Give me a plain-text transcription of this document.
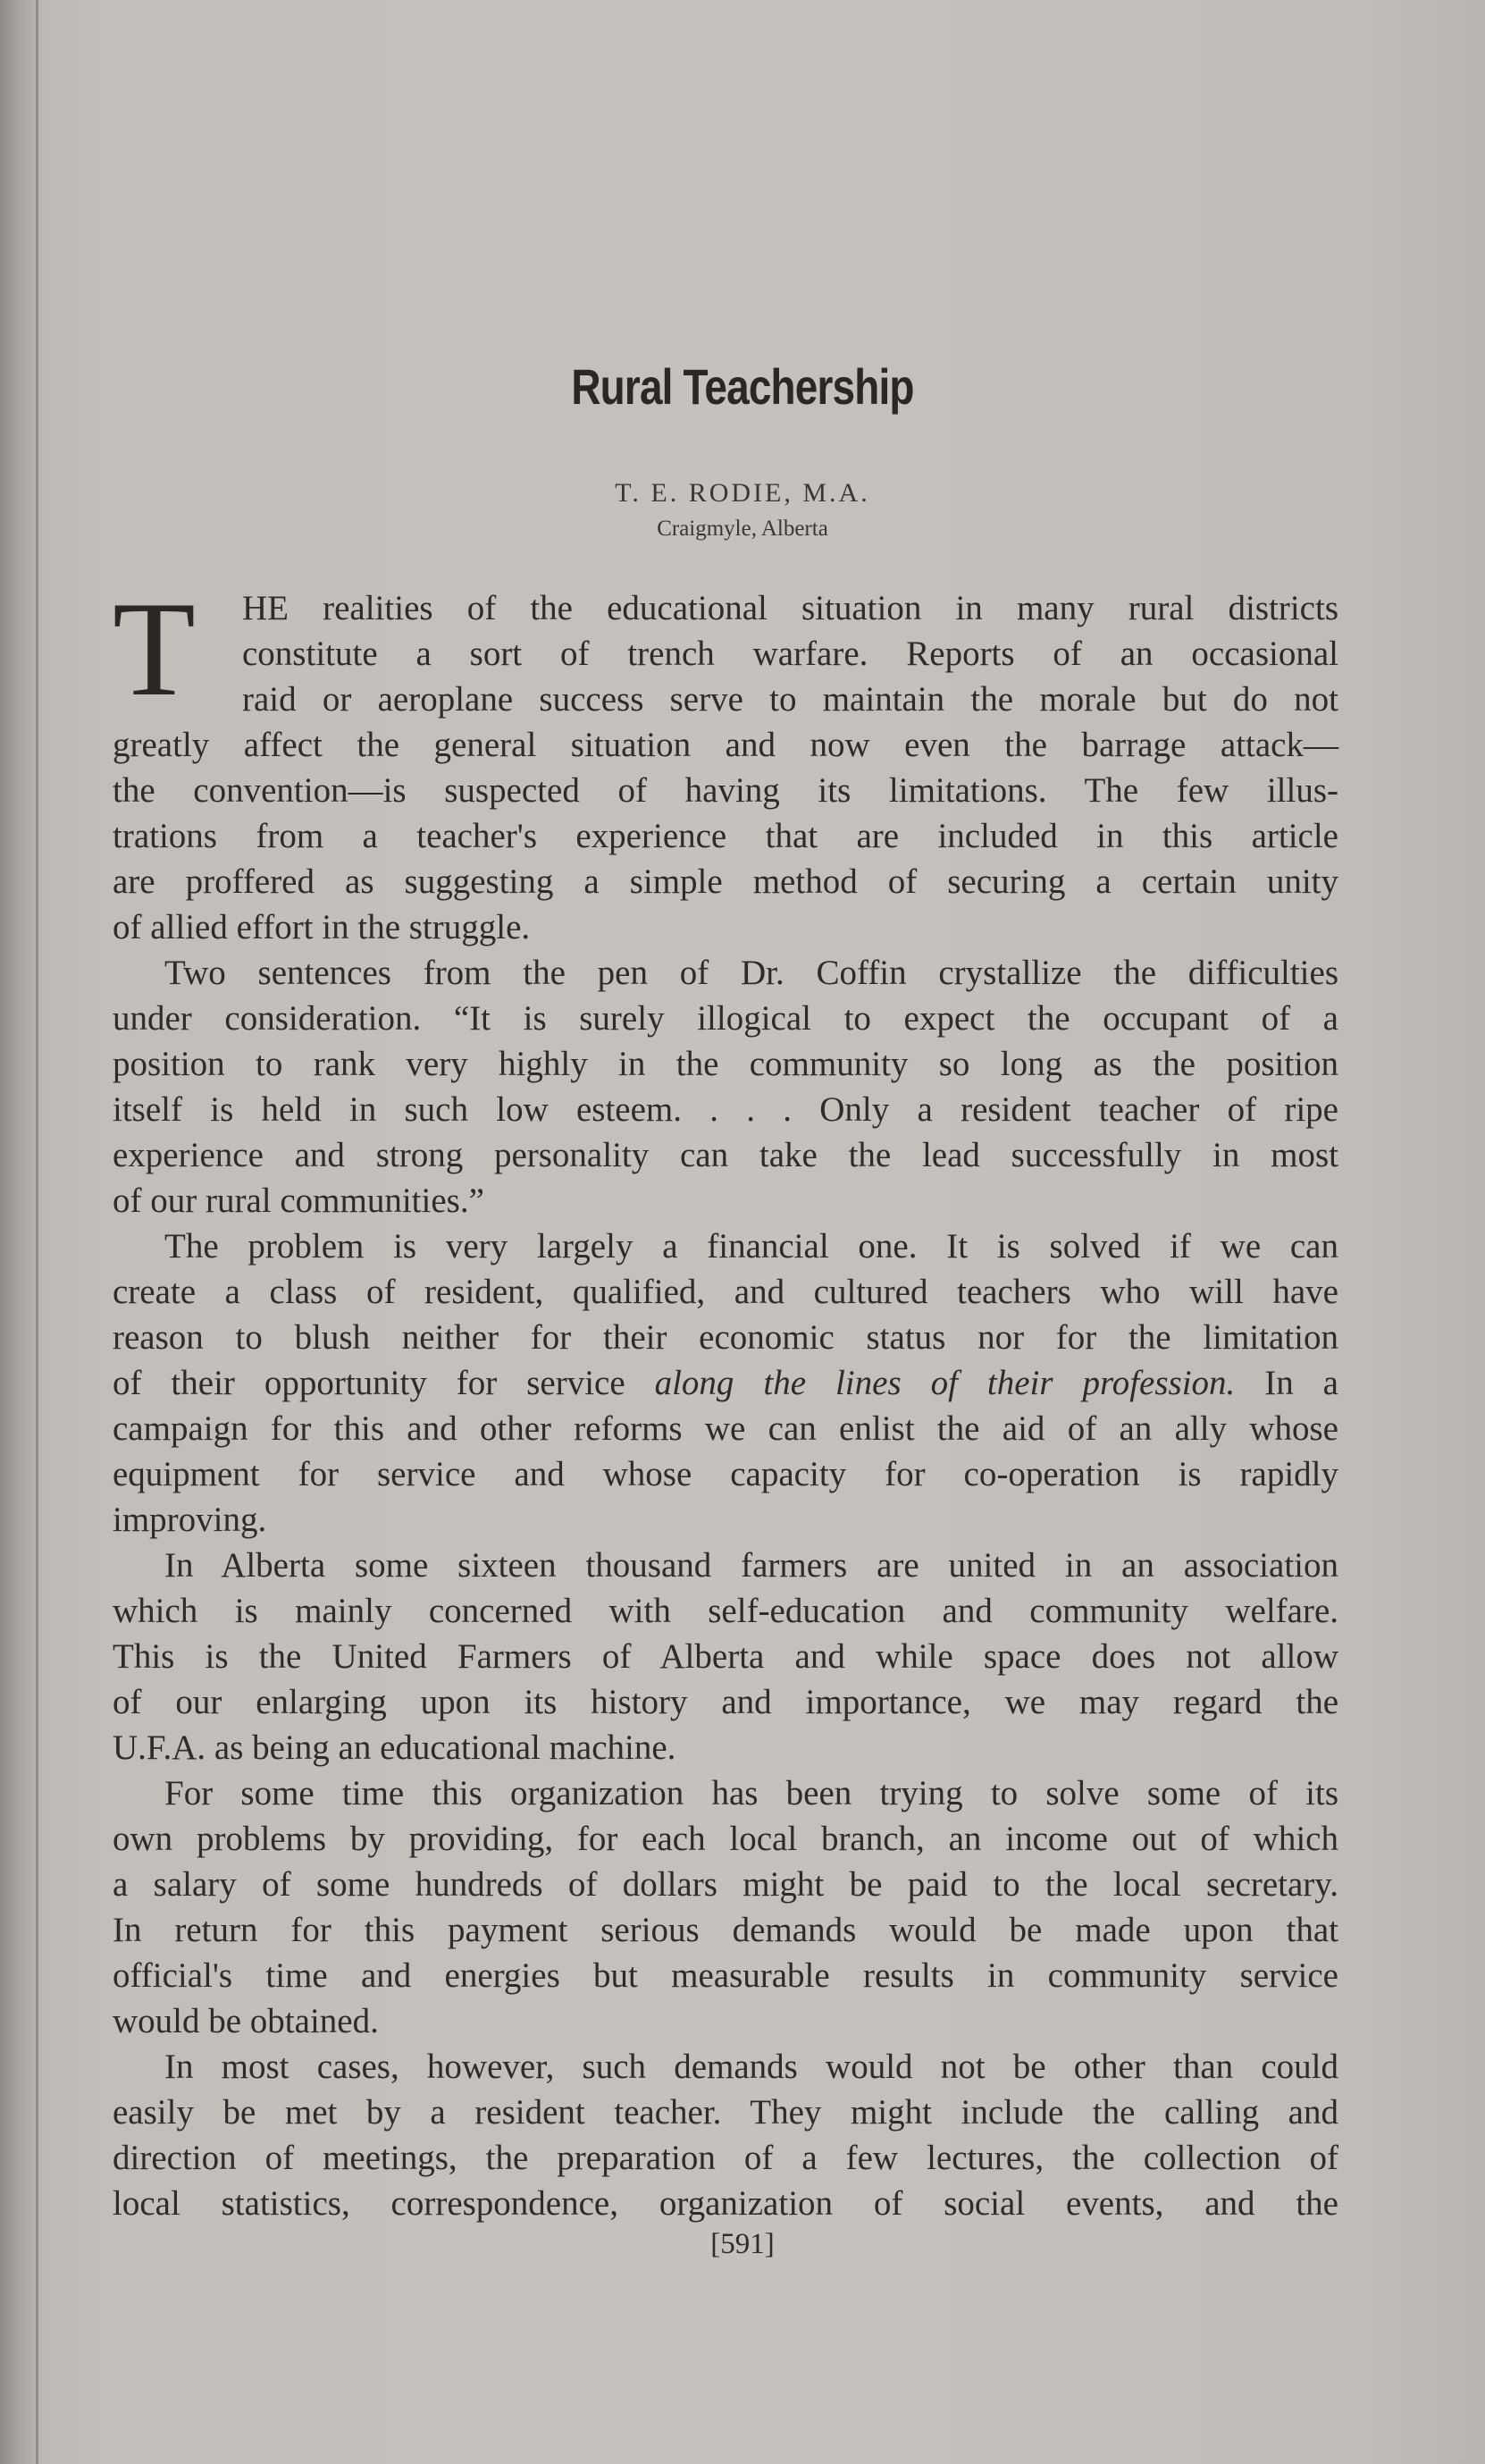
Rural Teachership
T. E. RODIE, M.A.
Craigmyle, Alberta
T	HE realities of the educational situation in many rural districts
constitute a sort of trench warfare. Reports of an occasional
raid or aeroplane success serve to maintain the morale but do not
greatly affect the general situation and now even the barrage attack—
the convention—is suspected of having its limitations. The few illus-
trations from a teacher's experience that are included in this article
are proffered as suggesting a simple method of securing a certain unity
of allied effort in the struggle.
Two sentences from the pen of Dr. Coffin crystallize the difficulties
under consideration. “It is surely illogical to expect the occupant of a
position to rank very highly in the community so long as the position
itself is held in such low esteem. . . . Only a resident teacher of ripe
experience and strong personality can take the lead successfully in most
of our rural communities.”
The problem is very largely a financial one. It is solved if we can
create a class of resident, qualified, and cultured teachers who will have
reason to blush neither for their economic status nor for the limitation
of their opportunity for service along the lines of their profession. In a
campaign for this and other reforms we can enlist the aid of an ally whose
equipment for service and whose capacity for co-operation is rapidly
improving.
In Alberta some sixteen thousand farmers are united in an association
which is mainly concerned with self-education and community welfare.
This is the United Farmers of Alberta and while space does not allow
of our enlarging upon its history and importance, we may regard the
U.F.A. as being an educational machine.
For some time this organization has been trying to solve some of its
own problems by providing, for each local branch, an income out of which
a salary of some hundreds of dollars might be paid to the local secretary.
In return for this payment serious demands would be made upon that
official's time and energies but measurable results in community service
would be obtained.
In most cases, however, such demands would not be other than could
easily be met by a resident teacher. They might include the calling and
direction of meetings, the preparation of a few lectures, the collection of
local statistics, correspondence, organization of social events, and the
[591]
